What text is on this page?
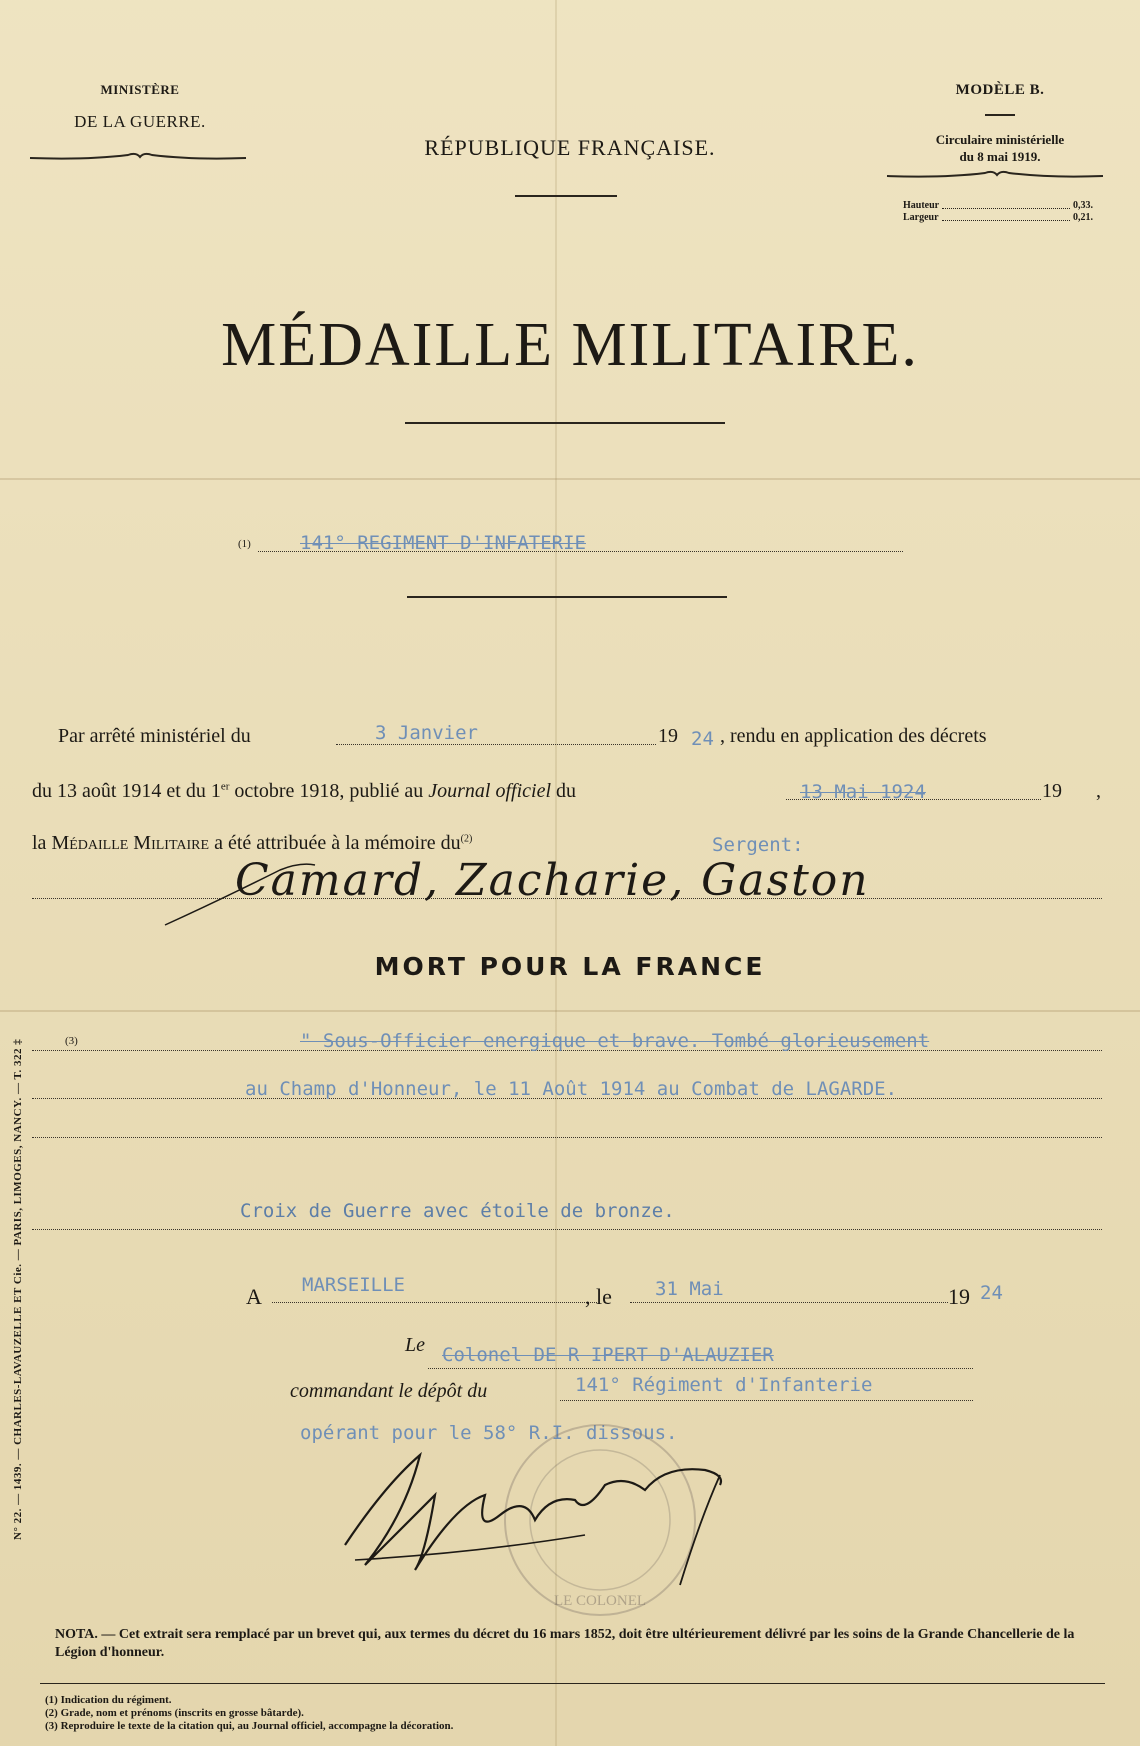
MINISTÈRE
DE LA GUERRE.
RÉPUBLIQUE FRANÇAISE.
MODÈLE B.
Circulaire ministérielle
du 8 mai 1919.
Hauteur	0,33.
Largeur	0,21.
MÉDAILLE MILITAIRE.
(1)	141° REGIMENT D'INFATERIE
Par arrêté ministériel du	3 Janvier	19 24 , rendu en application des décrets
du 13 août 1914 et du 1er octobre 1918, publié au Journal officiel du	13 Mai 1924	19 ,
la Médaille Militaire a été attribuée à la mémoire $du^{(2)}$	Sergent:
Camard, Zacharie, Gaston
MORT POUR LA FRANCE
(3)	" Sous-Officier energique et brave. Tombé glorieusement
au Champ d'Honneur, le 11 Août 1914 au Combat de LAGARDE.
Croix de Guerre avec étoile de bronze.
A MARSEILLE	, le 31 Mai	19 24
Le Colonel DE R IPERT D'ALAUZIER
commandant le dépôt du	141° Régiment d'Infanterie
opérant pour le 58° R.I. dissous.
LE COLONEL
N° 22. — 1439. — CHARLES-LAVAUZELLE ET Cie. — PARIS, LIMOGES, NANCY. — T. 322 ‡
NOTA. — Cet extrait sera remplacé par un brevet qui, aux termes du décret du 16 mars 1852, doit être ultérieurement délivré par les soins de la Grande Chancellerie de la Légion d'honneur.
(1) Indication du régiment.
(2) Grade, nom et prénoms (inscrits en grosse bâtarde).
(3) Reproduire le texte de la citation qui, au Journal officiel, accompagne la décoration.
